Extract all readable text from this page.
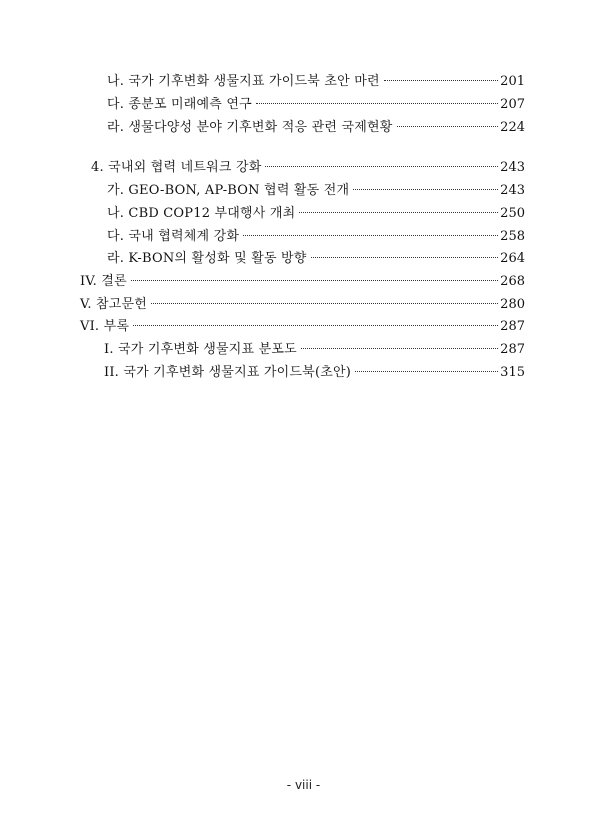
나. 국가 기후변화 생물지표 가이드북 초안 마련	201
다. 종분포 미래예측 연구	207
라. 생물다양성 분야 기후변화 적응 관련 국제현황	224
4. 국내외 협력 네트워크 강화	243
가. GEO-BON, AP-BON 협력 활동 전개	243
나. CBD COP12 부대행사 개최	250
다. 국내 협력체계 강화	258
라. K-BON의 활성화 및 활동 방향	264
IV. 결론	268
V. 참고문헌	280
VI. 부록	287
I. 국가 기후변화 생물지표 분포도	287
II. 국가 기후변화 생물지표 가이드북(초안)	315
- viii -
